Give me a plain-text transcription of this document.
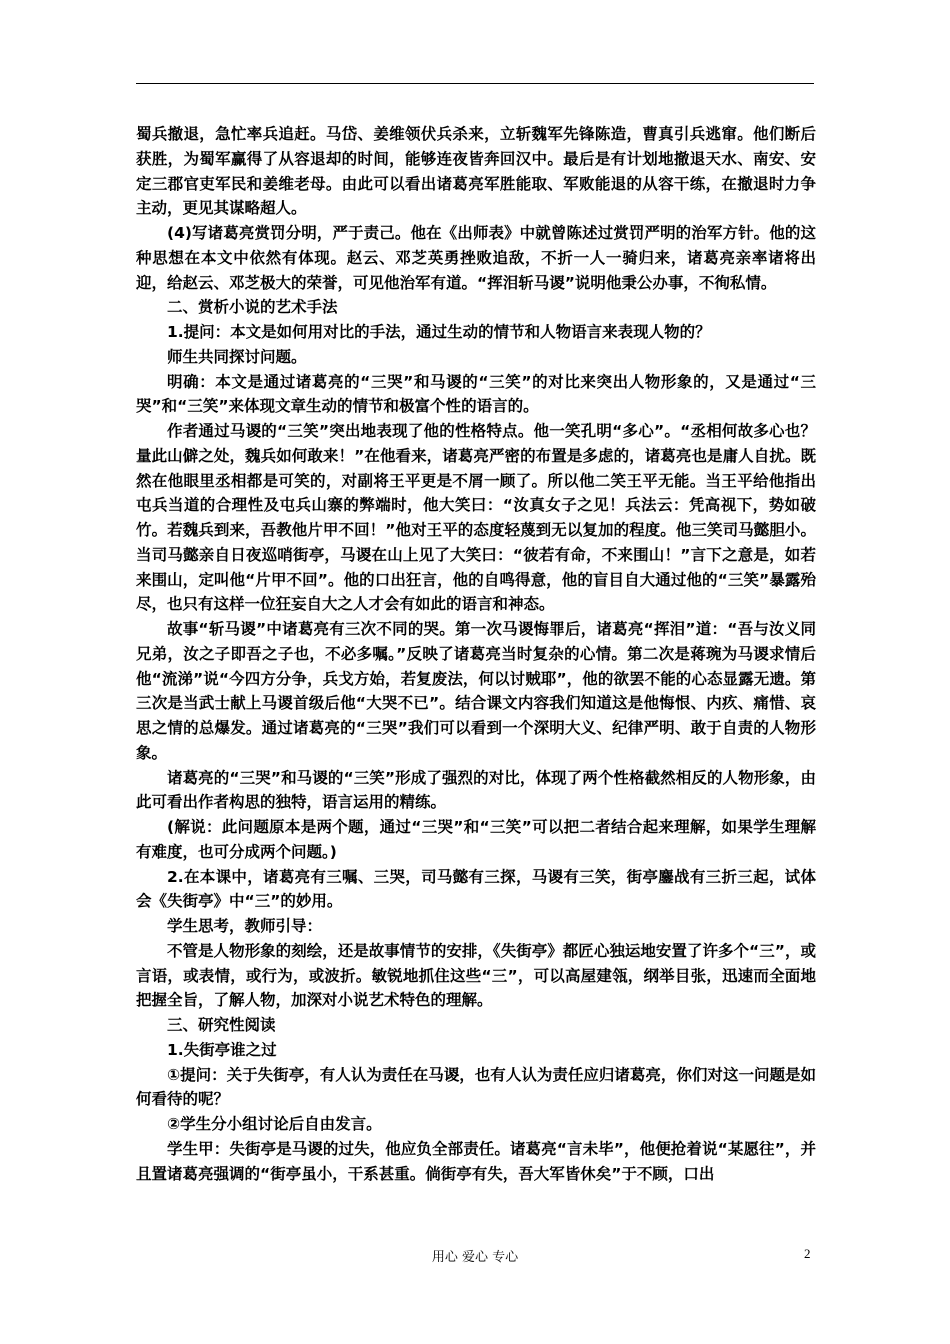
蜀兵撤退，急忙率兵追赶。马岱、姜维领伏兵杀来，立斩魏军先锋陈造，曹真引兵逃窜。他们断后获胜，为蜀军赢得了从容退却的时间，能够连夜皆奔回汉中。最后是有计划地撤退天水、南安、安定三郡官吏军民和姜维老母。由此可以看出诸葛亮军胜能取、军败能退的从容干练，在撤退时力争主动，更见其谋略超人。

(4)写诸葛亮赏罚分明，严于责己。他在《出师表》中就曾陈述过赏罚严明的治军方针。他的这种思想在本文中依然有体现。赵云、邓芝英勇挫败追敌，不折一人一骑归来，诸葛亮亲率诸将出迎，给赵云、邓芝极大的荣誉，可见他治军有道。“挥泪斩马谡”说明他秉公办事，不徇私情。

二、赏析小说的艺术手法

1.提问：本文是如何用对比的手法，通过生动的情节和人物语言来表现人物的？

师生共同探讨问题。

明确：本文是通过诸葛亮的“三哭”和马谡的“三笑”的对比来突出人物形象的，又是通过“三哭”和“三笑”来体现文章生动的情节和极富个性的语言的。

作者通过马谡的“三笑”突出地表现了他的性格特点。他一笑孔明“多心”。“丞相何故多心也？量此山僻之处，魏兵如何敢来！”在他看来，诸葛亮严密的布置是多虑的，诸葛亮也是庸人自扰。既然在他眼里丞相都是可笑的，对副将王平更是不屑一顾了。所以他二笑王平无能。当王平给他指出屯兵当道的合理性及屯兵山寨的弊端时，他大笑曰：“汝真女子之见！兵法云：凭高视下，势如破竹。若魏兵到来，吾教他片甲不回！”他对王平的态度轻蔑到无以复加的程度。他三笑司马懿胆小。当司马懿亲自日夜巡哨街亭，马谡在山上见了大笑曰：“彼若有命，不来围山！”言下之意是，如若来围山，定叫他“片甲不回”。他的口出狂言，他的自鸣得意，他的盲目自大通过他的“三笑”暴露殆尽，也只有这样一位狂妄自大之人才会有如此的语言和神态。

故事“斩马谡”中诸葛亮有三次不同的哭。第一次马谡悔罪后，诸葛亮“挥泪”道：“吾与汝义同兄弟，汝之子即吾之子也，不必多嘱。”反映了诸葛亮当时复杂的心情。第二次是蒋琬为马谡求情后他“流涕”说“今四方分争，兵戈方始，若复废法，何以讨贼耶”，他的欲罢不能的心态显露无遗。第三次是当武士献上马谡首级后他“大哭不已”。结合课文内容我们知道这是他悔恨、内疚、痛惜、哀思之情的总爆发。通过诸葛亮的“三哭”我们可以看到一个深明大义、纪律严明、敢于自责的人物形象。

诸葛亮的“三哭”和马谡的“三笑”形成了强烈的对比，体现了两个性格截然相反的人物形象，由此可看出作者构思的独特，语言运用的精练。

(解说：此问题原本是两个题，通过“三哭”和“三笑”可以把二者结合起来理解，如果学生理解有难度，也可分成两个问题。)

2.在本课中，诸葛亮有三嘱、三哭，司马懿有三探，马谡有三笑，街亭鏖战有三折三起，试体会《失街亭》中“三”的妙用。

学生思考，教师引导：

不管是人物形象的刻绘，还是故事情节的安排，《失街亭》都匠心独运地安置了许多个“三”，或言语，或表情，或行为，或波折。敏锐地抓住这些“三”，可以高屋建瓴，纲举目张，迅速而全面地把握全旨，了解人物，加深对小说艺术特色的理解。

三、研究性阅读

1.失街亭谁之过

①提问：关于失街亭，有人认为责任在马谡，也有人认为责任应归诸葛亮，你们对这一问题是如何看待的呢？

②学生分小组讨论后自由发言。

学生甲：失街亭是马谡的过失，他应负全部责任。诸葛亮“言未毕”，他便抢着说“某愿往”，并且置诸葛亮强调的“街亭虽小，干系甚重。倘街亭有失，吾大军皆休矣”于不顾，口出

用心 爱心 专心	2
